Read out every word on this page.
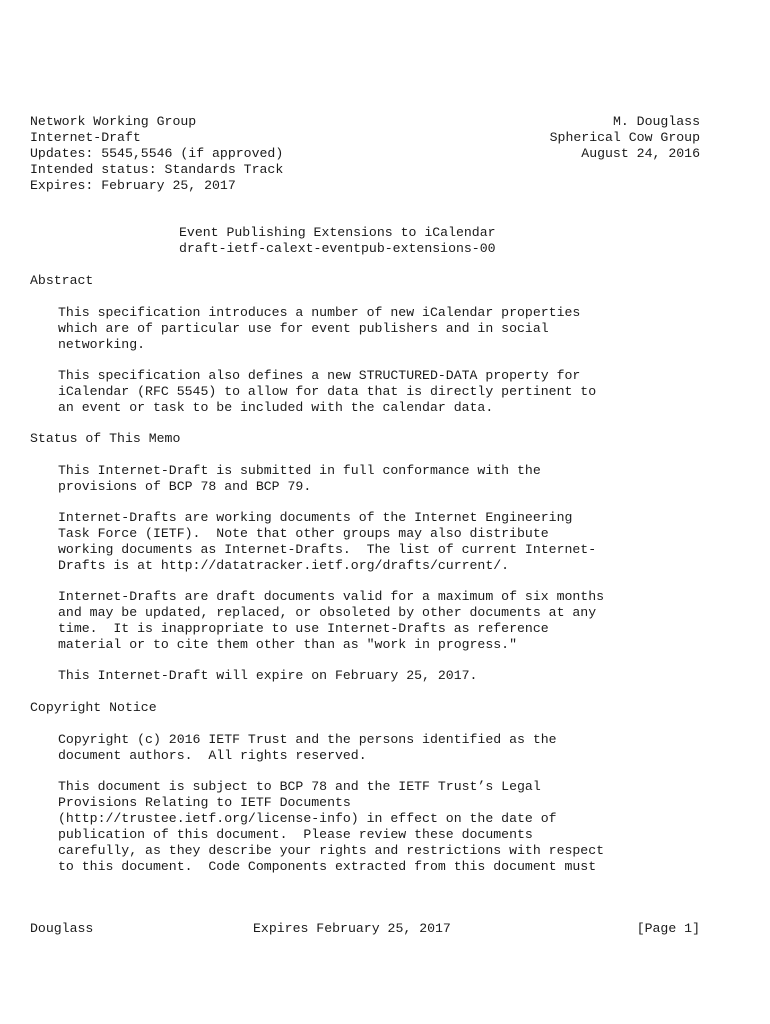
Network Working Group
Internet-Draft
Updates: 5545,5546 (if approved)
Intended status: Standards Track
Expires: February 25, 2017
M. Douglass
Spherical Cow Group
August 24, 2016
Event Publishing Extensions to iCalendar
draft-ietf-calext-eventpub-extensions-00
Abstract
This specification introduces a number of new iCalendar properties
which are of particular use for event publishers and in social
networking.
This specification also defines a new STRUCTURED-DATA property for
iCalendar (RFC 5545) to allow for data that is directly pertinent to
an event or task to be included with the calendar data.
Status of This Memo
This Internet-Draft is submitted in full conformance with the
provisions of BCP 78 and BCP 79.
Internet-Drafts are working documents of the Internet Engineering
Task Force (IETF).  Note that other groups may also distribute
working documents as Internet-Drafts.  The list of current Internet-
Drafts is at http://datatracker.ietf.org/drafts/current/.
Internet-Drafts are draft documents valid for a maximum of six months
and may be updated, replaced, or obsoleted by other documents at any
time.  It is inappropriate to use Internet-Drafts as reference
material or to cite them other than as "work in progress."
This Internet-Draft will expire on February 25, 2017.
Copyright Notice
Copyright (c) 2016 IETF Trust and the persons identified as the
document authors.  All rights reserved.
This document is subject to BCP 78 and the IETF Trust’s Legal
Provisions Relating to IETF Documents
(http://trustee.ietf.org/license-info) in effect on the date of
publication of this document.  Please review these documents
carefully, as they describe your rights and restrictions with respect
to this document.  Code Components extracted from this document must
Douglass	Expires February 25, 2017	[Page 1]
